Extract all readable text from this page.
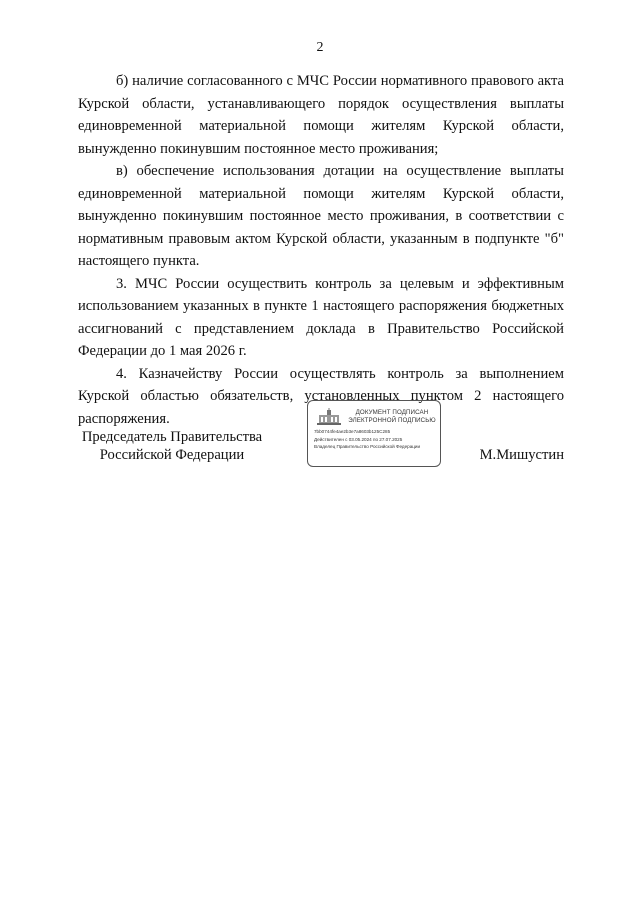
2

б) наличие согласованного с МЧС России нормативного правового акта Курской области, устанавливающего порядок осуществления выплаты единовременной материальной помощи жителям Курской области, вынужденно покинувшим постоянное место проживания;

в) обеспечение использования дотации на осуществление выплаты единовременной материальной помощи жителям Курской области, вынужденно покинувшим постоянное место проживания, в соответствии с нормативным правовым актом Курской области, указанным в подпункте "б" настоящего пункта.

3. МЧС России осуществить контроль за целевым и эффективным использованием указанных в пункте 1 настоящего распоряжения бюджетных ассигнований с представлением доклада в Правительство Российской Федерации до 1 мая 2026 г.

4. Казначейству России осуществлять контроль за выполнением Курской областью обязательств, установленных пунктом 2 настоящего распоряжения.

Председатель Правительства
Российской Федерации
ДОКУМЕНТ ПОДПИСАН
ЭЛЕКТРОННОЙ ПОДПИСЬЮ
7bb0744fe4ae2b3e7a8603b125C285
Действителен с 03.05.2024 по 27.07.2025
Владелец Правительство Российской Федерации
М.Мишустин
